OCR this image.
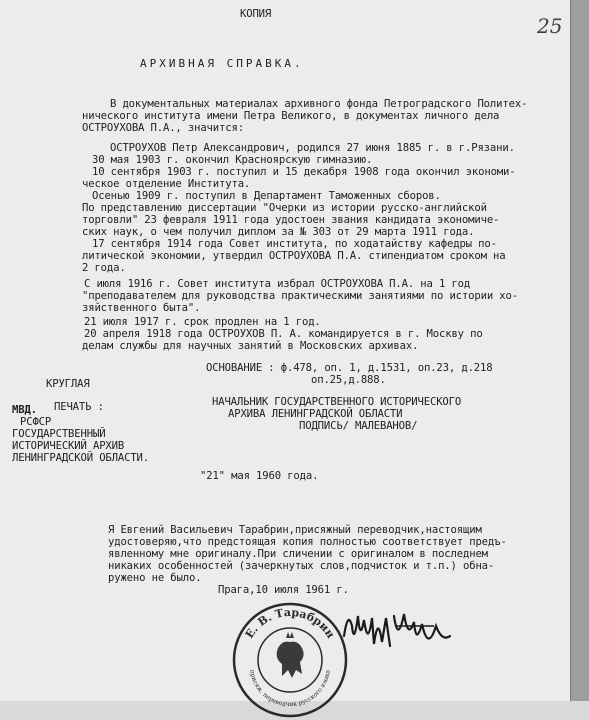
КОПИЯ	25
АРХИВНАЯ СПРАВКА.
В документальных материалах архивного фонда Петроградского Политех-
нического института имени Петра Великого, в документах личного дела
ОСТРОУХОВА П.А., значится:
ОСТРОУХОВ Петр Александрович, родился 27 июня 1885 г. в г.Рязани.
30 мая 1903 г. окончил Красноярскую гимназию.
10 сентября 1903 г. поступил и 15 декабря 1908 года окончил экономи-
ческое отделение Института.
Осенью 1909 г. поступил в Департамент Таможенных сборов.
По представлению диссертации "Очерки из истории русско-английской
торговли" 23 февраля 1911 года удостоен звания кандидата экономиче-
ских наук, о чем получил диплом за № 303 от 29 марта 1911 года.
17 сентября 1914 года Совет института, по ходатайству кафедры по-
литической экономии, утвердил ОСТРОУХОВА П.А. стипендиатом сроком на
2 года.
С июля 1916 г. Совет института избрал ОСТРОУХОВА П.А. на 1 год
"преподавателем для руководства практическими занятиями по истории хо-
зяйственного быта".
21 июля 1917 г. срок продлен на 1 год.
20 апреля 1918 года ОСТРОУХОВ П. А. командируется в г. Москву по
делам службы для научных занятий в Московских архивах.
ОСНОВАНИЕ : ф.478, оп. 1, д.1531, оп.23, д.218
оп.25,д.888.
КРУГЛАЯ
ПЕЧАТЬ :
МВД.
РСФСР
ГОСУДАРСТВЕННЫЙ
ИСТОРИЧЕСКИЙ АРХИВ
ЛЕНИНГРАДСКОЙ ОБЛАСТИ.
НАЧАЛЬНИК ГОСУДАРСТВЕННОГО ИСТОРИЧЕСКОГО
АРХИВА ЛЕНИНГРАДСКОЙ ОБЛАСТИ
ПОДПИСЬ/ МАЛЕВАНОВ/
"21" мая 1960 года.
Я Евгений Васильевич Тарабрин,присяжный переводчик,настоящим
удостоверяю,что предстоящая копия полностью соответствует предъ-
явленному мне оригиналу.При сличении с оригиналом в последнем
никаких особенностей (зачеркнутых слов,подчисток и т.п.) обна-
ружено не было.
Прага,10 июля 1961 г.
Е. В. Тарабрин
присяж. переводчик русского языка
